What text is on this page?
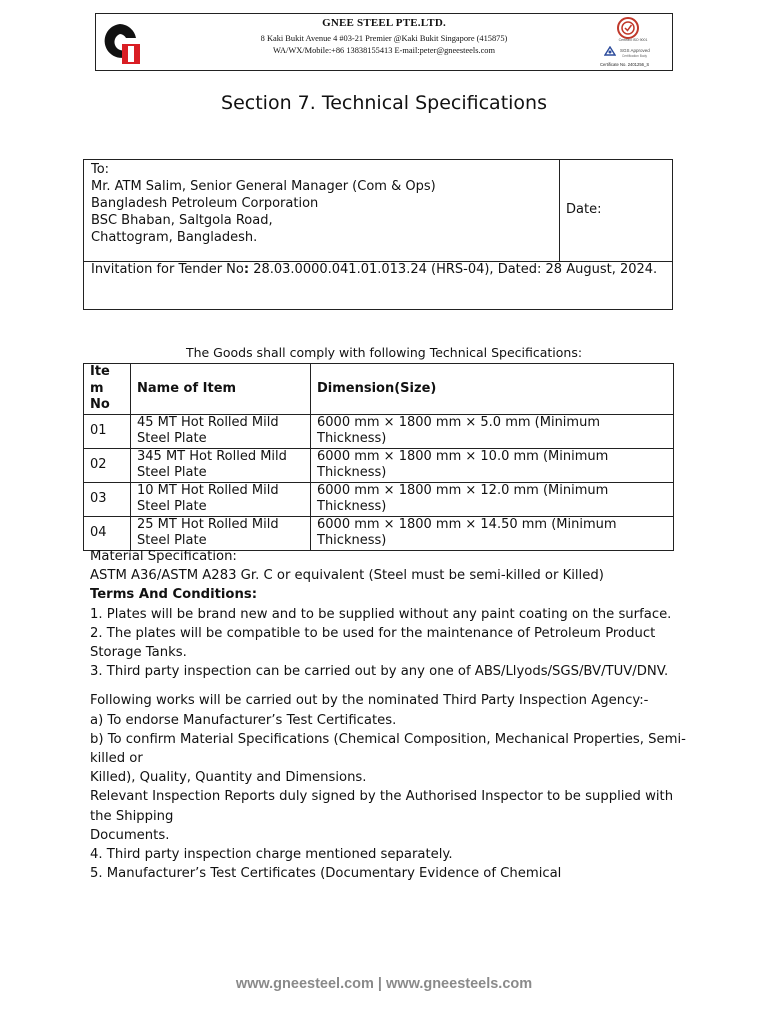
GNEE STEEL PTE.LTD.
8 Kaki Bukit Avenue 4 #03-21 Premier @Kaki Bukit Singapore (415875)
WA/WX/Mobile:+86 13838155413 E-mail:peter@gneesteels.com
Certified ISO 9001
SGS Approved
Certification Body
Certificate No. 2401256_S
Section 7. Technical Specifications
To:
Mr. ATM Salim, Senior General Manager (Com & Ops)
Bangladesh Petroleum Corporation
BSC Bhaban, Saltgola Road,
Chattogram, Bangladesh.
Date:
Invitation for Tender No: 28.03.0000.041.01.013.24 (HRS-04), Dated: 28 August, 2024.
The Goods shall comply with following Technical Specifications:
Ite m No	Name of Item	Dimension(Size)
01	45 MT Hot Rolled Mild Steel Plate	6000 mm × 1800 mm × 5.0 mm (Minimum Thickness)
02	345 MT Hot Rolled Mild Steel Plate	6000 mm × 1800 mm × 10.0 mm (Minimum Thickness)
03	10 MT Hot Rolled Mild Steel Plate	6000 mm × 1800 mm × 12.0 mm (Minimum Thickness)
04	25 MT Hot Rolled Mild Steel Plate	6000 mm × 1800 mm × 14.50 mm (Minimum Thickness)

Material Specification:

ASTM A36/ASTM A283 Gr. C or equivalent (Steel must be semi-killed or Killed)

Terms And Conditions:

1. Plates will be brand new and to be supplied without any paint coating on the surface.

2. The plates will be compatible to be used for the maintenance of Petroleum Product Storage Tanks.

3. Third party inspection can be carried out by any one of ABS/Llyods/SGS/BV/TUV/DNV.

Following works will be carried out by the nominated Third Party Inspection Agency:-

a) To endorse Manufacturer’s Test Certificates.

b) To confirm Material Specifications (Chemical Composition, Mechanical Properties, Semi-killed or

Killed), Quality, Quantity and Dimensions.

Relevant Inspection Reports duly signed by the Authorised Inspector to be supplied with the Shipping

Documents.

4. Third party inspection charge mentioned separately.

5. Manufacturer’s Test Certificates (Documentary Evidence of Chemical

www.gneesteel.com | www.gneesteels.com
